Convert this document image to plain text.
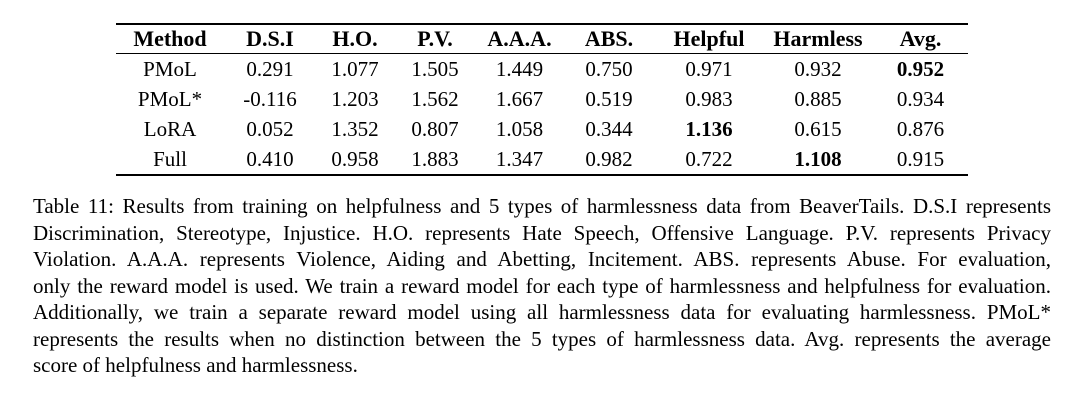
Method	D.S.I	H.O.	P.V.	A.A.A.	ABS.	Helpful	Harmless	Avg.
PMoL	0.291	1.077	1.505	1.449	0.750	0.971	0.932	0.952
PMoL*	-0.116	1.203	1.562	1.667	0.519	0.983	0.885	0.934
LoRA	0.052	1.352	0.807	1.058	0.344	1.136	0.615	0.876
Full	0.410	0.958	1.883	1.347	0.982	0.722	1.108	0.915
Table 11: Results from training on helpfulness and 5 types of harmlessness data from BeaverTails. D.S.I represents
Discrimination, Stereotype, Injustice. H.O. represents Hate Speech, Offensive Language. P.V. represents Privacy
Violation. A.A.A. represents Violence, Aiding and Abetting, Incitement. ABS. represents Abuse. For evaluation,
only the reward model is used. We train a reward model for each type of harmlessness and helpfulness for evaluation.
Additionally, we train a separate reward model using all harmlessness data for evaluating harmlessness. PMoL*
represents the results when no distinction between the 5 types of harmlessness data. Avg. represents the average
score of helpfulness and harmlessness.
